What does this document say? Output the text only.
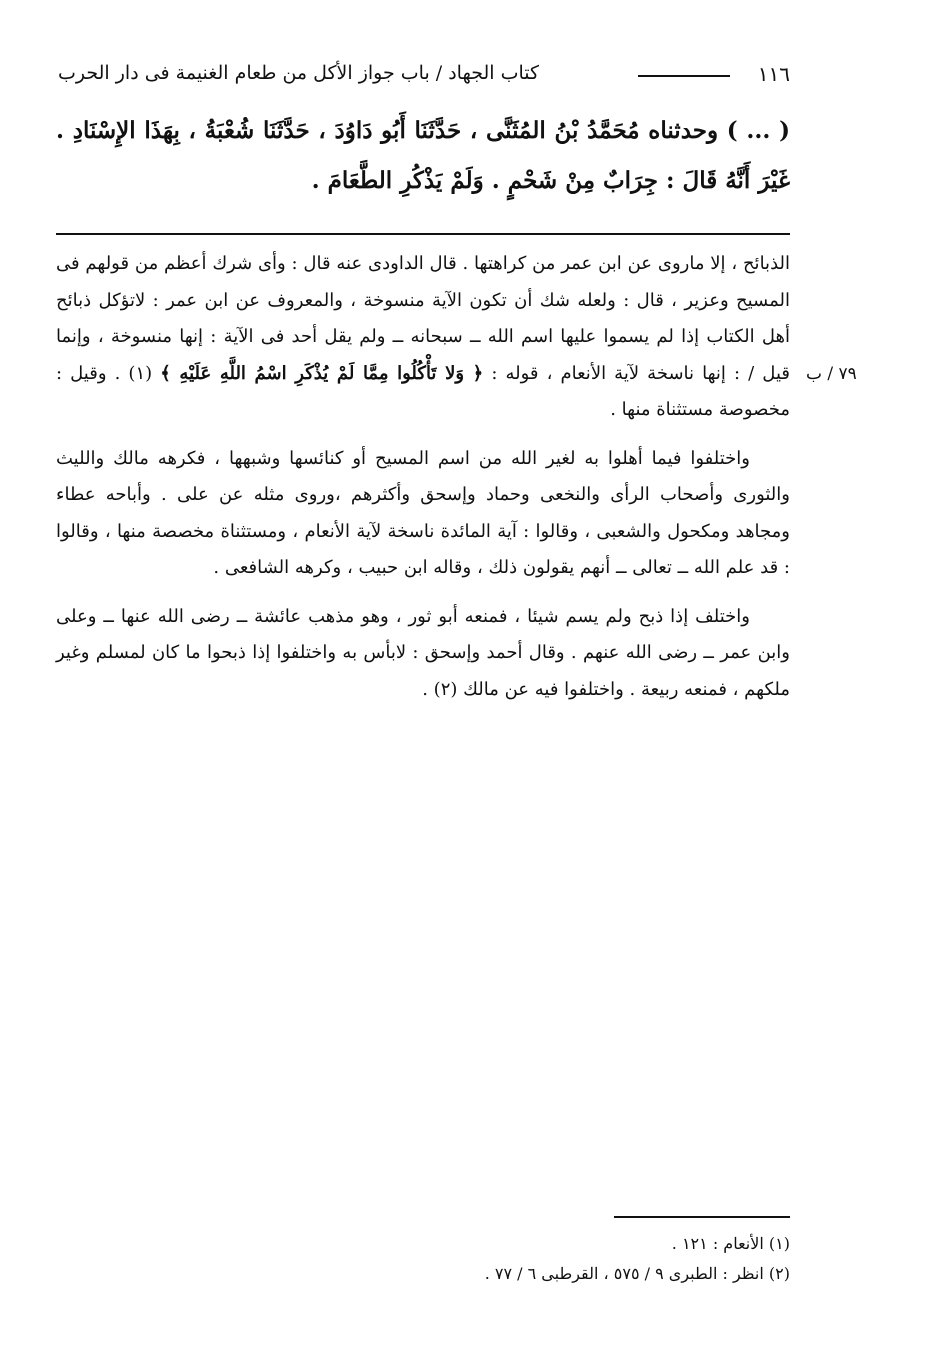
١١٦
كتاب الجهاد / باب جواز الأكل من طعام الغنيمة فى دار الحرب
( ... ) وحدثناه مُحَمَّدُ بْنُ المُثَنَّى ، حَدَّثَنَا أَبُو دَاوُدَ ، حَدَّثَنَا شُعْبَةُ ، بِهَذَا الإِسْنَادِ . غَيْرَ أَنَّهُ قَالَ : جِرَابٌ مِنْ شَحْمٍ . وَلَمْ يَذْكُرِ الطَّعَامَ .
٧٩ / ب

الذبائح ، إلا ماروى عن ابن عمر من كراهتها . قال الداودى عنه قال : وأى شرك أعظم من قولهم فى المسيح وعزير ، قال : ولعله شك أن تكون الآية منسوخة ، والمعروف عن ابن عمر : لاتؤكل ذبائح أهل الكتاب إذا لم يسموا عليها اسم الله ــ سبحانه ــ ولم يقل أحد فى الآية : إنها منسوخة ، وإنما قيل / : إنها ناسخة لآية الأنعام ، قوله : ﴿ وَلا تَأْكُلُوا مِمَّا لَمْ يُذْكَرِ اسْمُ اللَّهِ عَلَيْهِ ﴾ (١) . وقيل : مخصوصة مستثناة منها .

واختلفوا فيما أهلوا به لغير الله من اسم المسيح أو كنائسها وشبهها ، فكرهه مالك والليث والثورى وأصحاب الرأى والنخعى وحماد وإسحق وأكثرهم ،وروى مثله عن على . وأباحه عطاء ومجاهد ومكحول والشعبى ، وقالوا : آية المائدة ناسخة لآية الأنعام ، ومستثناة مخصصة منها ، وقالوا : قد علم الله ــ تعالى ــ أنهم يقولون ذلك ، وقاله ابن حبيب ، وكرهه الشافعى .

واختلف إذا ذبح ولم يسم شيئا ، فمنعه أبو ثور ، وهو مذهب عائشة ــ رضى الله عنها ــ وعلى وابن عمر ــ رضى الله عنهم . وقال أحمد وإسحق : لابأس به واختلفوا إذا ذبحوا ما كان لمسلم وغير ملكهم ، فمنعه ربيعة . واختلفوا فيه عن مالك (٢) .

(١) الأنعام : ١٢١ .
(٢) انظر : الطبرى ٩ / ٥٧٥ ، القرطبى ٦ / ٧٧ .
